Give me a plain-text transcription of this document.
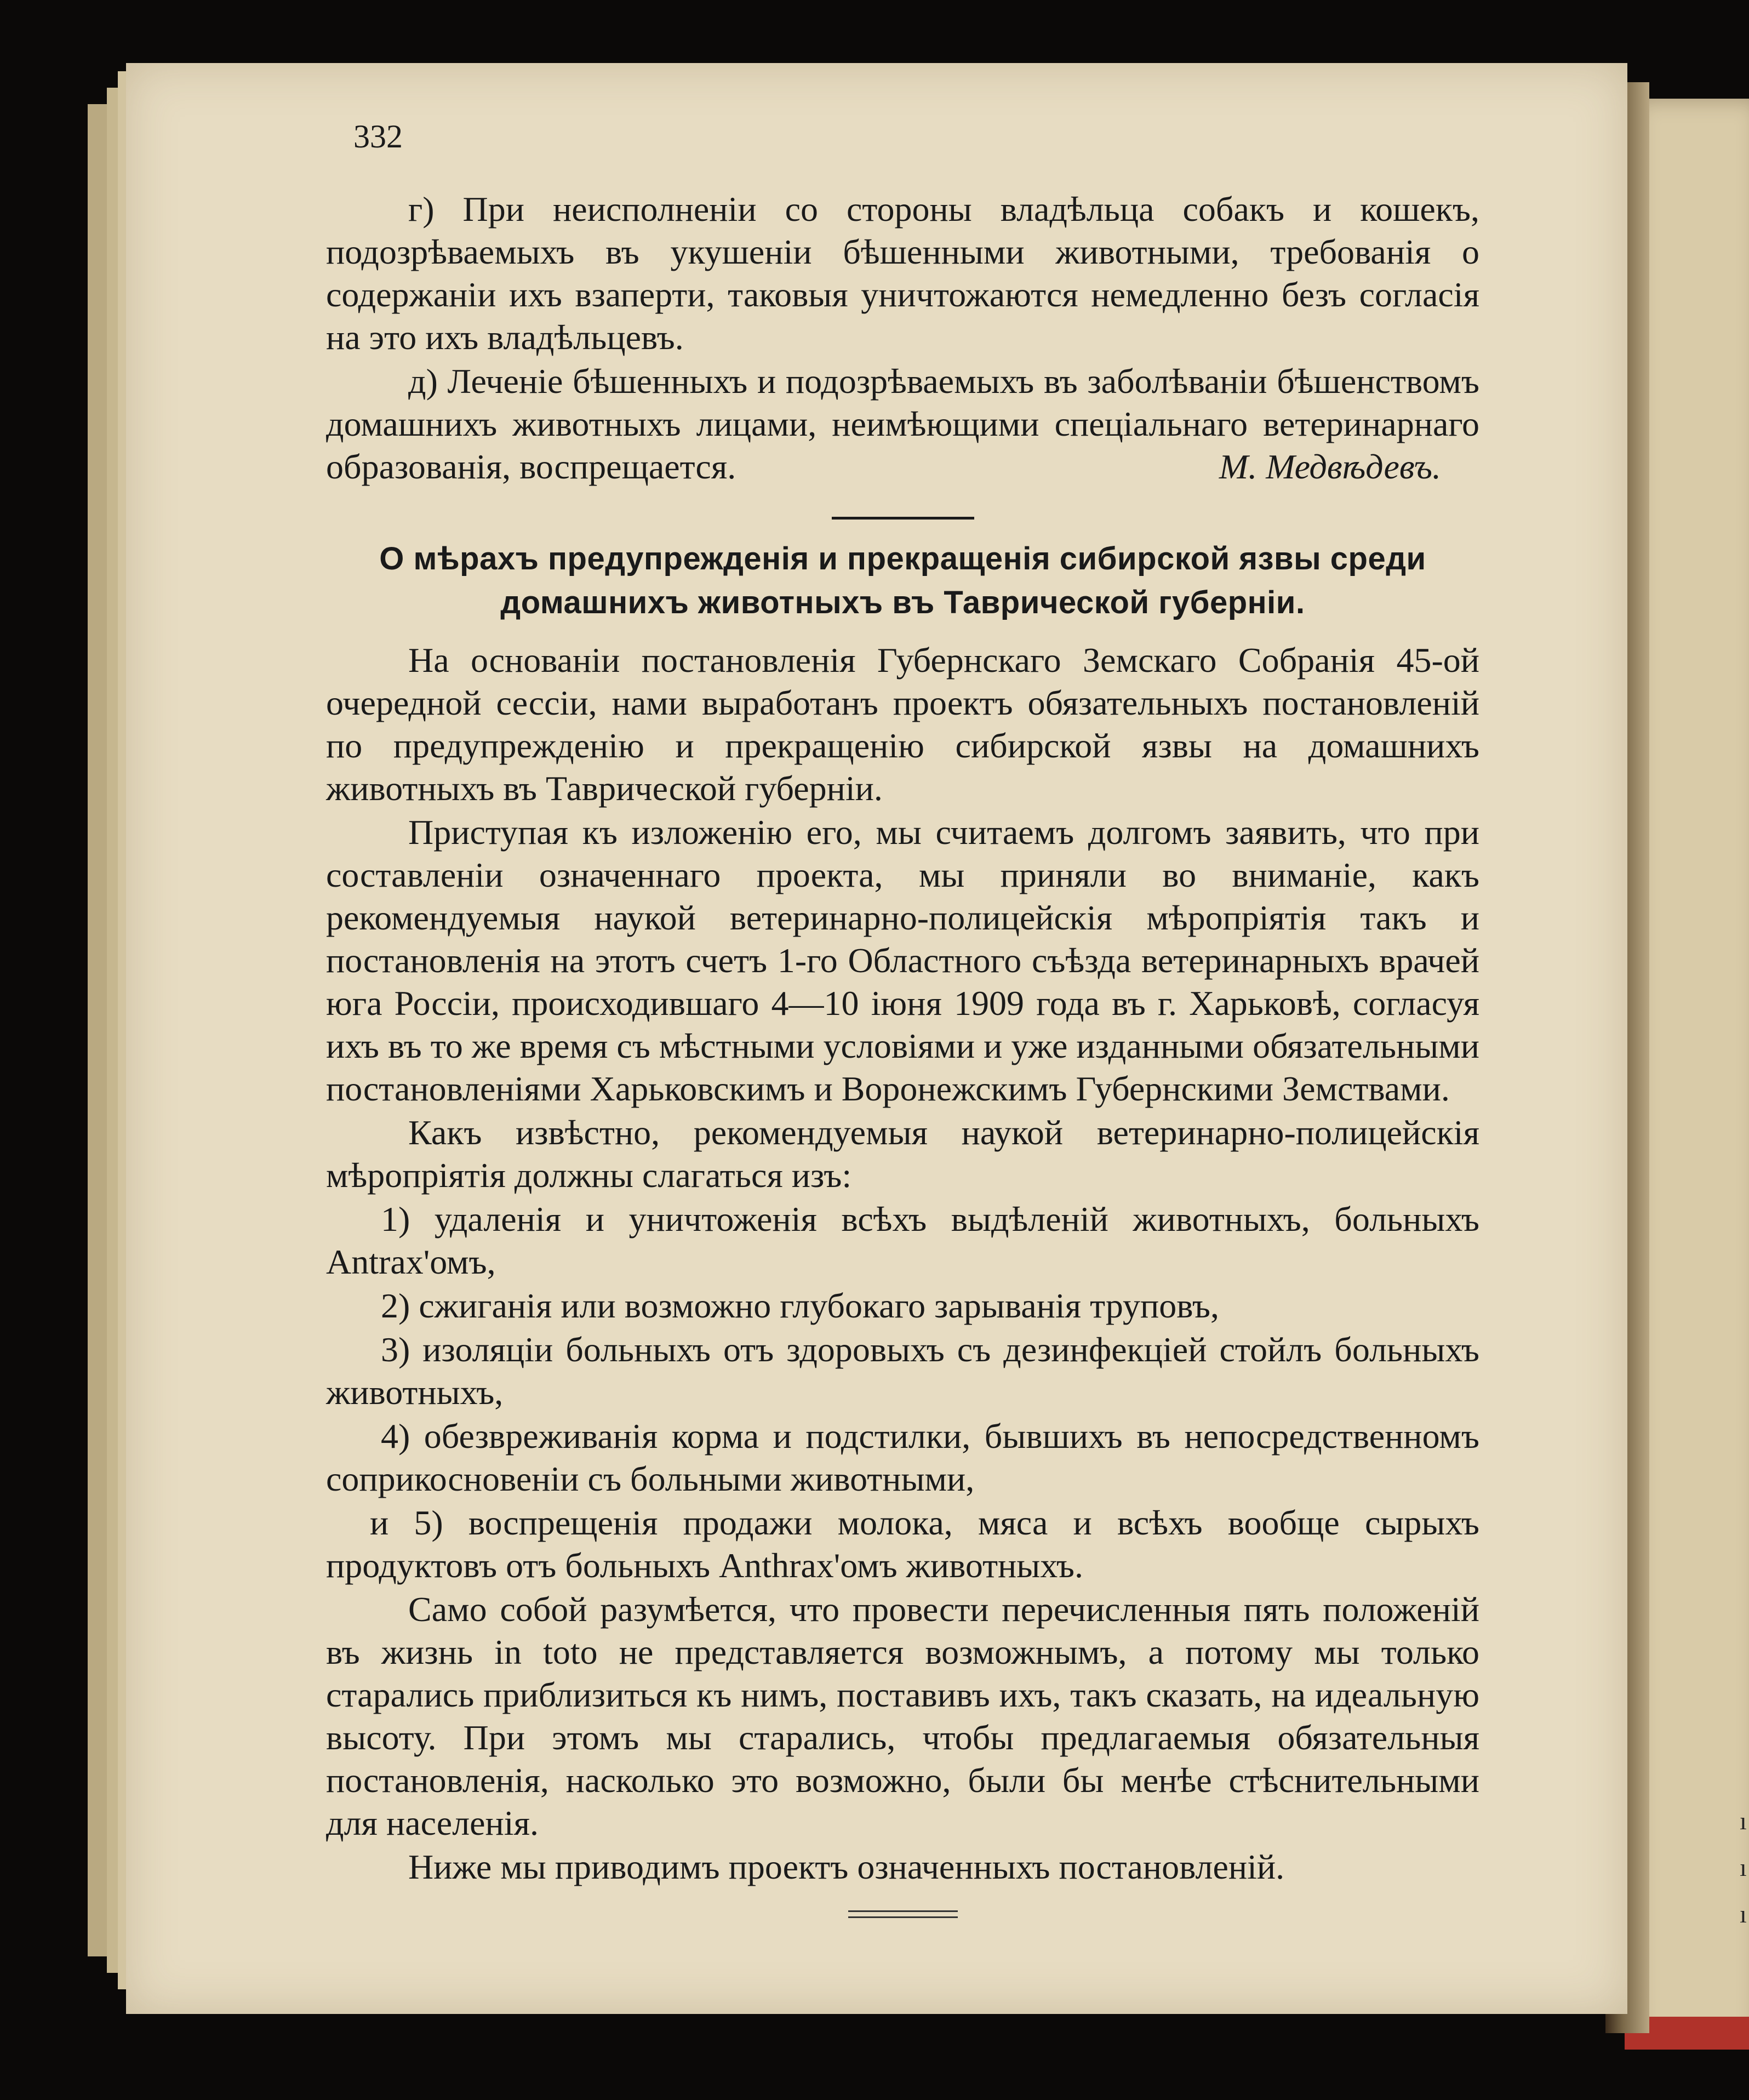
ı
ı
ı
332

г) При неисполненіи со стороны владѣльца собакъ и кошекъ, подозрѣваемыхъ въ укушеніи бѣшенными животными, требованія о содержаніи ихъ взаперти, таковыя уничтожаются немедленно безъ согласія на это ихъ владѣльцевъ.

д) Леченіе бѣшенныхъ и подозрѣваемыхъ въ заболѣваніи бѣшенствомъ домашнихъ животныхъ лицами, неимѣющими спеціальнаго ветеринарнаго образованія, воспрещается.	М. Медвѣдевъ.

О мѣрахъ предупрежденія и прекращенія сибирской язвы среди домашнихъ животныхъ въ Таврической губерніи.

На основаніи постановленія Губернскаго Земскаго Собранія 45-ой очередной сессіи, нами выработанъ проектъ обязательныхъ постановленій по предупрежденію и прекращенію сибирской язвы на домашнихъ животныхъ въ Таврической губерніи.

Приступая къ изложенію его, мы считаемъ долгомъ заявить, что при составленіи означеннаго проекта, мы приняли во вниманіе, какъ рекомендуемыя наукой ветеринарно-полицейскія мѣропріятія такъ и постановленія на этотъ счетъ 1-го Областного съѣзда ветеринарныхъ врачей юга Россіи, происходившаго 4—10 іюня 1909 года въ г. Харьковѣ, согласуя ихъ въ то же время съ мѣстными условіями и уже изданными обязательными постановленіями Харьковскимъ и Воронежскимъ Губернскими Земствами.

Какъ извѣстно, рекомендуемыя наукой ветеринарно-полицейскія мѣропріятія должны слагаться изъ:

1) удаленія и уничтоженія всѣхъ выдѣленій животныхъ, больныхъ Antrax'омъ,

2) сжиганія или возможно глубокаго зарыванія труповъ,

3) изоляціи больныхъ отъ здоровыхъ съ дезинфекціей стойлъ больныхъ животныхъ,

4) обезвреживанія корма и подстилки, бывшихъ въ непосредственномъ соприкосновеніи съ больными животными,

и 5) воспрещенія продажи молока, мяса и всѣхъ вообще сырыхъ продуктовъ отъ больныхъ Anthrax'омъ животныхъ.

Само собой разумѣется, что провести перечисленныя пять положеній въ жизнь in toto не представляется возможнымъ, а потому мы только старались приблизиться къ нимъ, поставивъ ихъ, такъ сказать, на идеальную высоту. При этомъ мы старались, чтобы предлагаемыя обязательныя постановленія, насколько это возможно, были бы менѣе стѣснительными для населенія.

Ниже мы приводимъ проектъ означенныхъ постановленій.
